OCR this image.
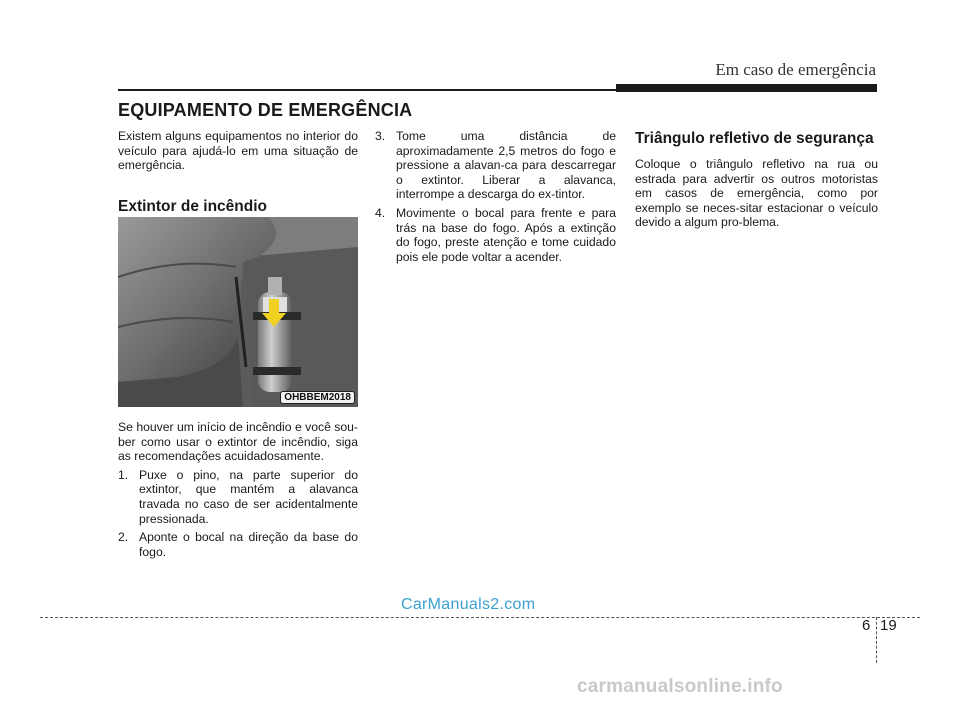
Em caso de emergência
EQUIPAMENTO DE EMERGÊNCIA

Existem alguns equipamentos no interior do veículo para ajudá-lo em uma situação de emergência.

Extintor de incêndio
OHBBEM2018

Se houver um início de incêndio e você sou-ber como usar o extintor de incêndio, siga as recomendações acuidadosamente.

1. Puxe o pino, na parte superior do extintor, que mantém a alavanca travada no caso de ser acidentalmente pressionada.
2. Aponte o bocal na direção da base do fogo.
3. Tome uma distância de aproximadamente 2,5 metros do fogo e pressione a alavan-ca para descarregar o extintor. Liberar a alavanca, interrompe a descarga do ex-tintor.
4. Movimente o bocal para frente e para trás na base do fogo. Após a extinção do fogo, preste atenção e tome cuidado pois ele pode voltar a acender.
Triângulo refletivo de segurança

Coloque o triângulo refletivo na rua ou estrada para advertir os outros motoristas em casos de emergência, como por exemplo se neces-sitar estacionar o veículo devido a algum pro-blema.

CarManuals2.com
6 19
carmanualsonline.info
